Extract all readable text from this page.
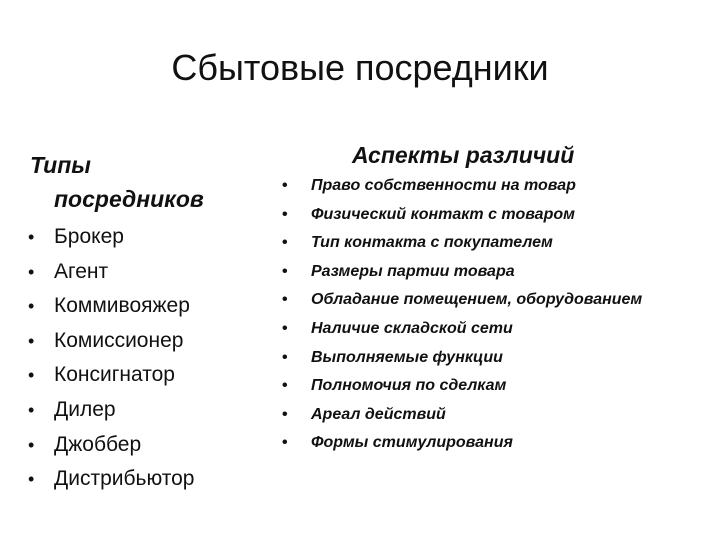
Сбытовые посредники
Типы
посредников
• Брокер
• Агент
• Коммивояжер
• Комиссионер
• Консигнатор
• Дилер
• Джоббер
• Дистрибьютор
Аспекты различий
• Право собственности на товар
• Физический контакт с товаром
• Тип контакта с покупателем
• Размеры партии товара
• Обладание помещением, оборудованием
• Наличие складской сети
• Выполняемые функции
• Полномочия по сделкам
• Ареал действий
• Формы стимулирования
